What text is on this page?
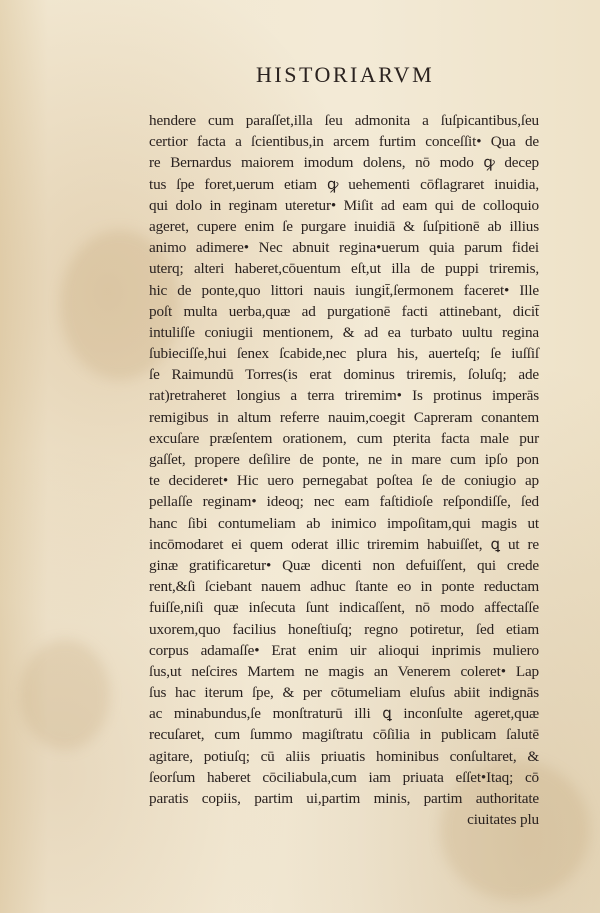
HISTORIARVM
hendere cum paraſſet,illa ſeu admonita a ſuſpicantibus,ſeu
certior facta a ſcientibus,in arcem furtim conceſſit• Qua de
re Bernardus maiorem imodum dolens, nō modo ꝙ decep
tus ſpe foret,uerum etiam ꝙ uehementi cōflagraret inuidia,
qui dolo in reginam uteretur• Miſit ad eam qui de colloquio
ageret, cupere enim ſe purgare inuidiā & ſuſpitionē ab illius
animo adimere• Nec abnuit regina•uerum quia parum fidei
uterq; alteri haberet,cōuentum eſt,ut illa de puppi triremis,
hic de ponte,quo littori nauis iungit̄,ſermonem faceret• Ille
poſt multa uerba,quæ ad purgationē facti attinebant, dicit̄
intuliſſe coniugii mentionem, & ad ea turbato uultu regina
ſubieciſſe,hui ſenex ſcabide,nec plura his, auerteſq; ſe iuſſiſ
ſe Raimundū Torres(is erat dominus triremis, ſoluſq; ade
rat)retraheret longius a terra triremim• Is protinus imperās
remigibus in altum referre nauim,coegit Capreram conantem
excuſare præſentem orationem, cum pterita facta male pur
gaſſet, propere deſilire de ponte, ne in mare cum ipſo pon
te decideret• Hic uero pernegabat poſtea ſe de coniugio ap
pellaſſe reginam• ideoq; nec eam faſtidioſe reſpondiſſe, ſed
hanc ſibi contumeliam ab inimico impoſitam,qui magis ut
incōmodaret ei quem oderat illic triremim habuiſſet, ꝗ ut re
ginæ gratificaretur• Quæ dicenti non defuiſſent, qui crede
rent,&ſi ſciebant nauem adhuc ſtante eo in ponte reductam
fuiſſe,niſi quæ inſecuta ſunt indicaſſent, nō modo affectaſſe
uxorem,quo facilius honeſtiuſq; regno potiretur, ſed etiam
corpus adamaſſe• Erat enim uir alioqui inprimis muliero
ſus,ut neſcires Martem ne magis an Venerem coleret• Lap
ſus hac iterum ſpe, & per cōtumeliam eluſus abiit indignās
ac minabundus,ſe monſtraturū illi ꝗ inconſulte ageret,quæ
recuſaret, cum ſummo magiſtratu cōſilia in publicam ſalutē
agitare, potiuſq; cū aliis priuatis hominibus conſultaret, &
ſeorſum haberet cōciliabula,cum iam priuata eſſet•Itaq; cō
paratis copiis, partim ui,partim minis, partim authoritate
ciuitates plu
